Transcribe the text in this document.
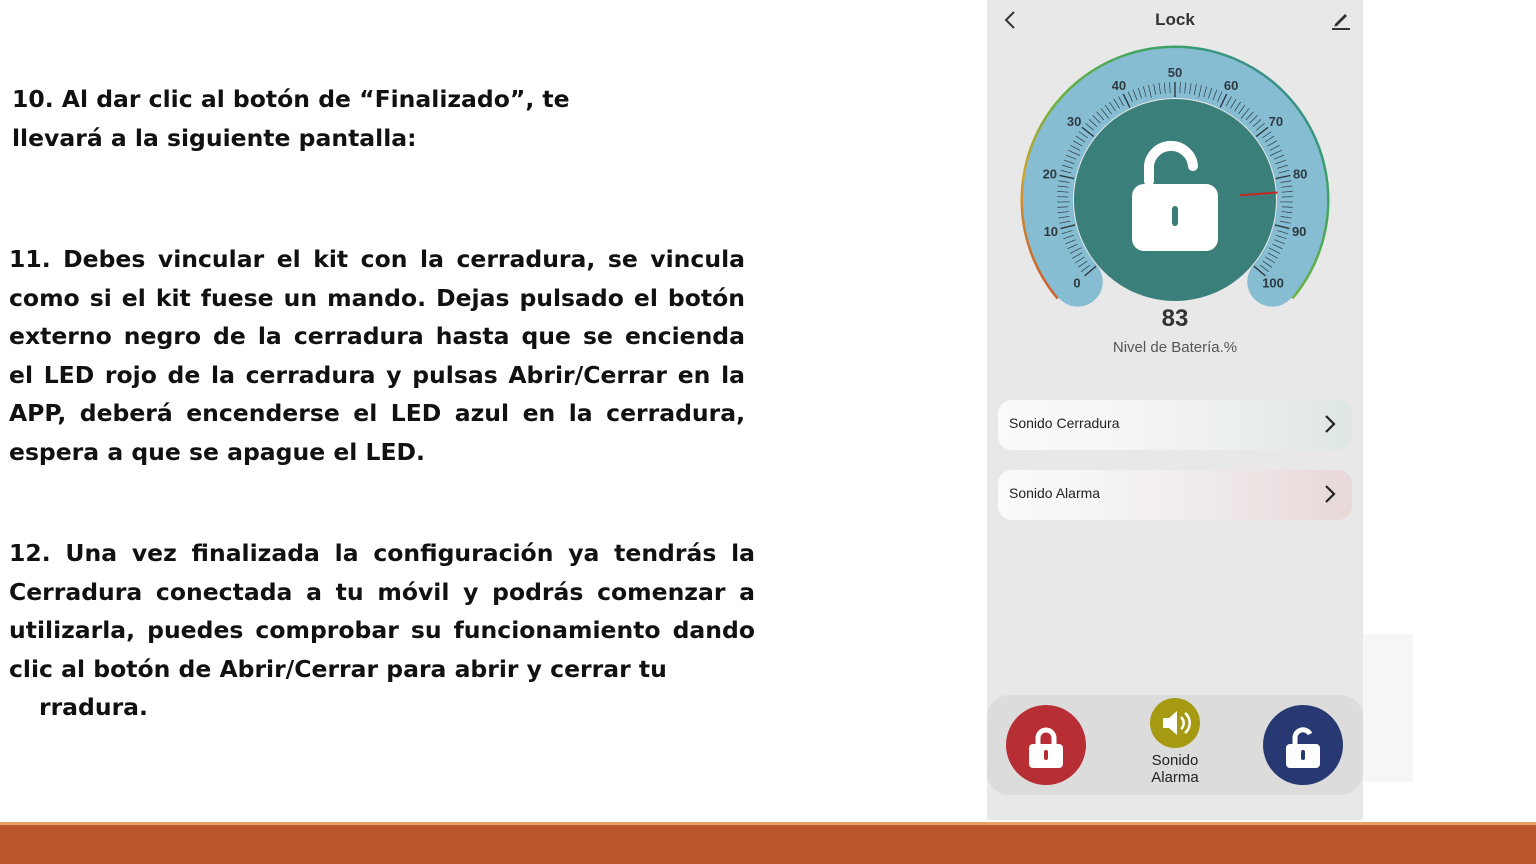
10. Al dar clic al botón de “Finalizado”, te llevará a la siguiente pantalla:

11. Debes vincular el kit con la cerradura, se vincula como si el kit fuese un mando. Dejas pulsado el botón externo negro de la cerradura hasta que se encienda el LED rojo de la cerradura y pulsas Abrir/Cerrar en la APP, deberá encenderse el LED azul en la cerradura, espera a que se apague el LED.

12. Una vez finalizada la configuración ya tendrás la Cerradura conectada a tu móvil y podrás comenzar a utilizarla, puedes comprobar su funcionamiento dando clic al botón de Abrir/Cerrar para abrir y cerrar tu
rradura.

Lock
0
10
20
30
40
50
60
70
80
90
100
83
Nivel de Batería.%
Sonido Cerradura
Sonido Alarma
Sonido
Alarma
